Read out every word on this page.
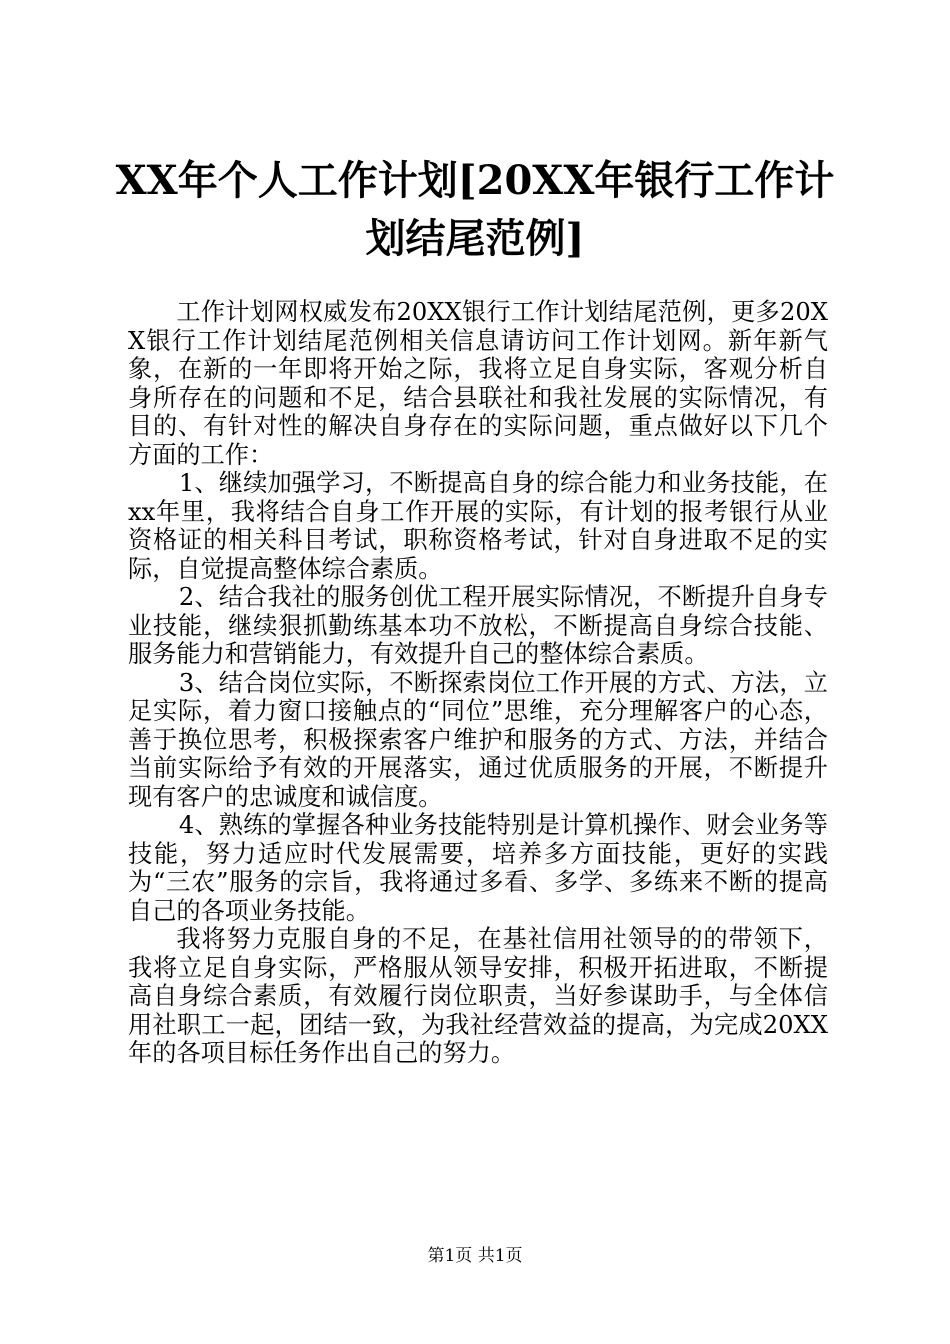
XX年个人工作计划[20XX年银行工作计划结尾范例]

工作计划网权威发布20XX银行工作计划结尾范例，更多20XX银行工作计划结尾范例相关信息请访问工作计划网。新年新气象，在新的一年即将开始之际，我将立足自身实际，客观分析自身所存在的问题和不足，结合县联社和我社发展的实际情况，有目的、有针对性的解决自身存在的实际问题，重点做好以下几个方面的工作：

1、继续加强学习，不断提高自身的综合能力和业务技能，在xx年里，我将结合自身工作开展的实际，有计划的报考银行从业资格证的相关科目考试，职称资格考试，针对自身进取不足的实际，自觉提高整体综合素质。

2、结合我社的服务创优工程开展实际情况，不断提升自身专业技能，继续狠抓勤练基本功不放松，不断提高自身综合技能、服务能力和营销能力，有效提升自己的整体综合素质。

3、结合岗位实际，不断探索岗位工作开展的方式、方法，立足实际，着力窗口接触点的“同位”思维，充分理解客户的心态，善于换位思考，积极探索客户维护和服务的方式、方法，并结合当前实际给予有效的开展落实，通过优质服务的开展，不断提升现有客户的忠诚度和诚信度。

4、熟练的掌握各种业务技能特别是计算机操作、财会业务等技能，努力适应时代发展需要，培养多方面技能，更好的实践为“三农”服务的宗旨，我将通过多看、多学、多练来不断的提高自己的各项业务技能。

我将努力克服自身的不足，在基社信用社领导的的带领下，我将立足自身实际，严格服从领导安排，积极开拓进取，不断提高自身综合素质，有效履行岗位职责，当好参谋助手，与全体信用社职工一起，团结一致，为我社经营效益的提高，为完成20XX年的各项目标任务作出自己的努力。

第1页 共1页
